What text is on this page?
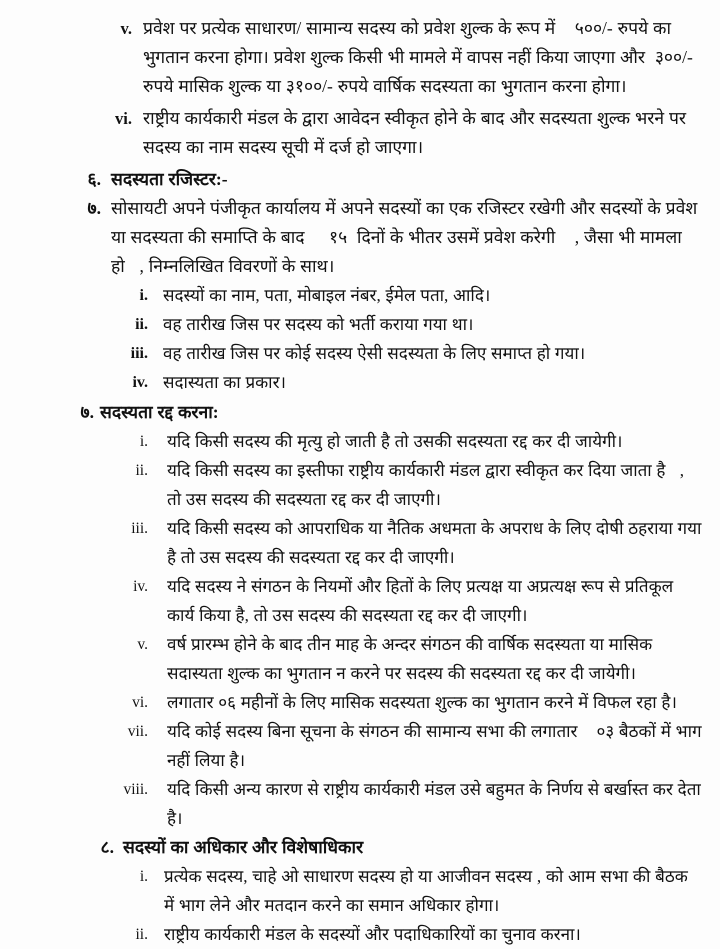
v. प्रवेश पर प्रत्येक साधारण/ सामान्य सदस्य को प्रवेश शुल्क के रूप में    ५००/- रुपये का भुगतान करना होगा। प्रवेश शुल्क किसी भी मामले में वापस नहीं किया जाएगा और  ३००/- रुपये मासिक शुल्क या ३१००/- रुपये वार्षिक सदस्यता का भुगतान करना होगा।
vi. राष्ट्रीय कार्यकारी मंडल के द्वारा आवेदन स्वीकृत होने के बाद और सदस्यता शुल्क भरने पर सदस्य का नाम सदस्य सूची में दर्ज हो जाएगा।
६. सदस्यता रजिस्टर:-
७. सोसायटी अपने पंजीकृत कार्यालय में अपने सदस्यों का एक रजिस्टर रखेगी और सदस्यों के प्रवेश या सदस्यता की समाप्ति के बाद     १५  दिनों के भीतर उसमें प्रवेश करेगी    , जैसा भी मामला हो   , निम्नलिखित विवरणों के साथ।
i. सदस्यों का नाम, पता, मोबाइल नंबर, ईमेल पता, आदि।
ii. वह तारीख जिस पर सदस्य को भर्ती कराया गया था।
iii. वह तारीख जिस पर कोई सदस्य ऐसी सदस्यता के लिए समाप्त हो गया।
iv. सदास्यता का प्रकार।
७. सदस्यता रद्द करना:
i.	यदि किसी सदस्य की मृत्यु हो जाती है तो उसकी सदस्यता रद्द कर दी जायेगी।
ii.	यदि किसी सदस्य का इस्तीफा राष्ट्रीय कार्यकारी मंडल द्वारा स्वीकृत कर दिया जाता है   , तो उस सदस्य की सदस्यता रद्द कर दी जाएगी।
iii.	यदि किसी सदस्य को आपराधिक या नैतिक अधमता के अपराध के लिए दोषी ठहराया गया है तो उस सदस्य की सदस्यता रद्द कर दी जाएगी।
iv.	यदि सदस्य ने संगठन के नियमों और हितों के लिए प्रत्यक्ष या अप्रत्यक्ष रूप से प्रतिकूल कार्य किया है, तो उस सदस्य की सदस्यता रद्द कर दी जाएगी।
v.	वर्ष प्रारम्भ होने के बाद तीन माह के अन्दर संगठन की वार्षिक सदस्यता या मासिक सदास्यता शुल्क का भुगतान न करने पर सदस्य की सदस्यता रद्द कर दी जायेगी।
vi.	लगातार ०६ महीनों के लिए मासिक सदस्यता शुल्क का भुगतान करने में विफल रहा है।
vii.	यदि कोई सदस्य बिना सूचना के संगठन की सामान्य सभा की लगातार    ०३ बैठकों में भाग नहीं लिया है।
viii.	यदि किसी अन्य कारण से राष्ट्रीय कार्यकारी मंडल उसे बहुमत के निर्णय से बर्खास्त कर देता है।
८. सदस्यों का अधिकार और विशेषाधिकार
i. प्रत्येक सदस्य, चाहे ओ साधारण सदस्य हो या आजीवन सदस्य , को आम सभा की बैठक में भाग लेने और मतदान करने का समान अधिकार होगा।
ii. राष्ट्रीय कार्यकारी मंडल के सदस्यों और पदाधिकारियों का चुनाव करना।
